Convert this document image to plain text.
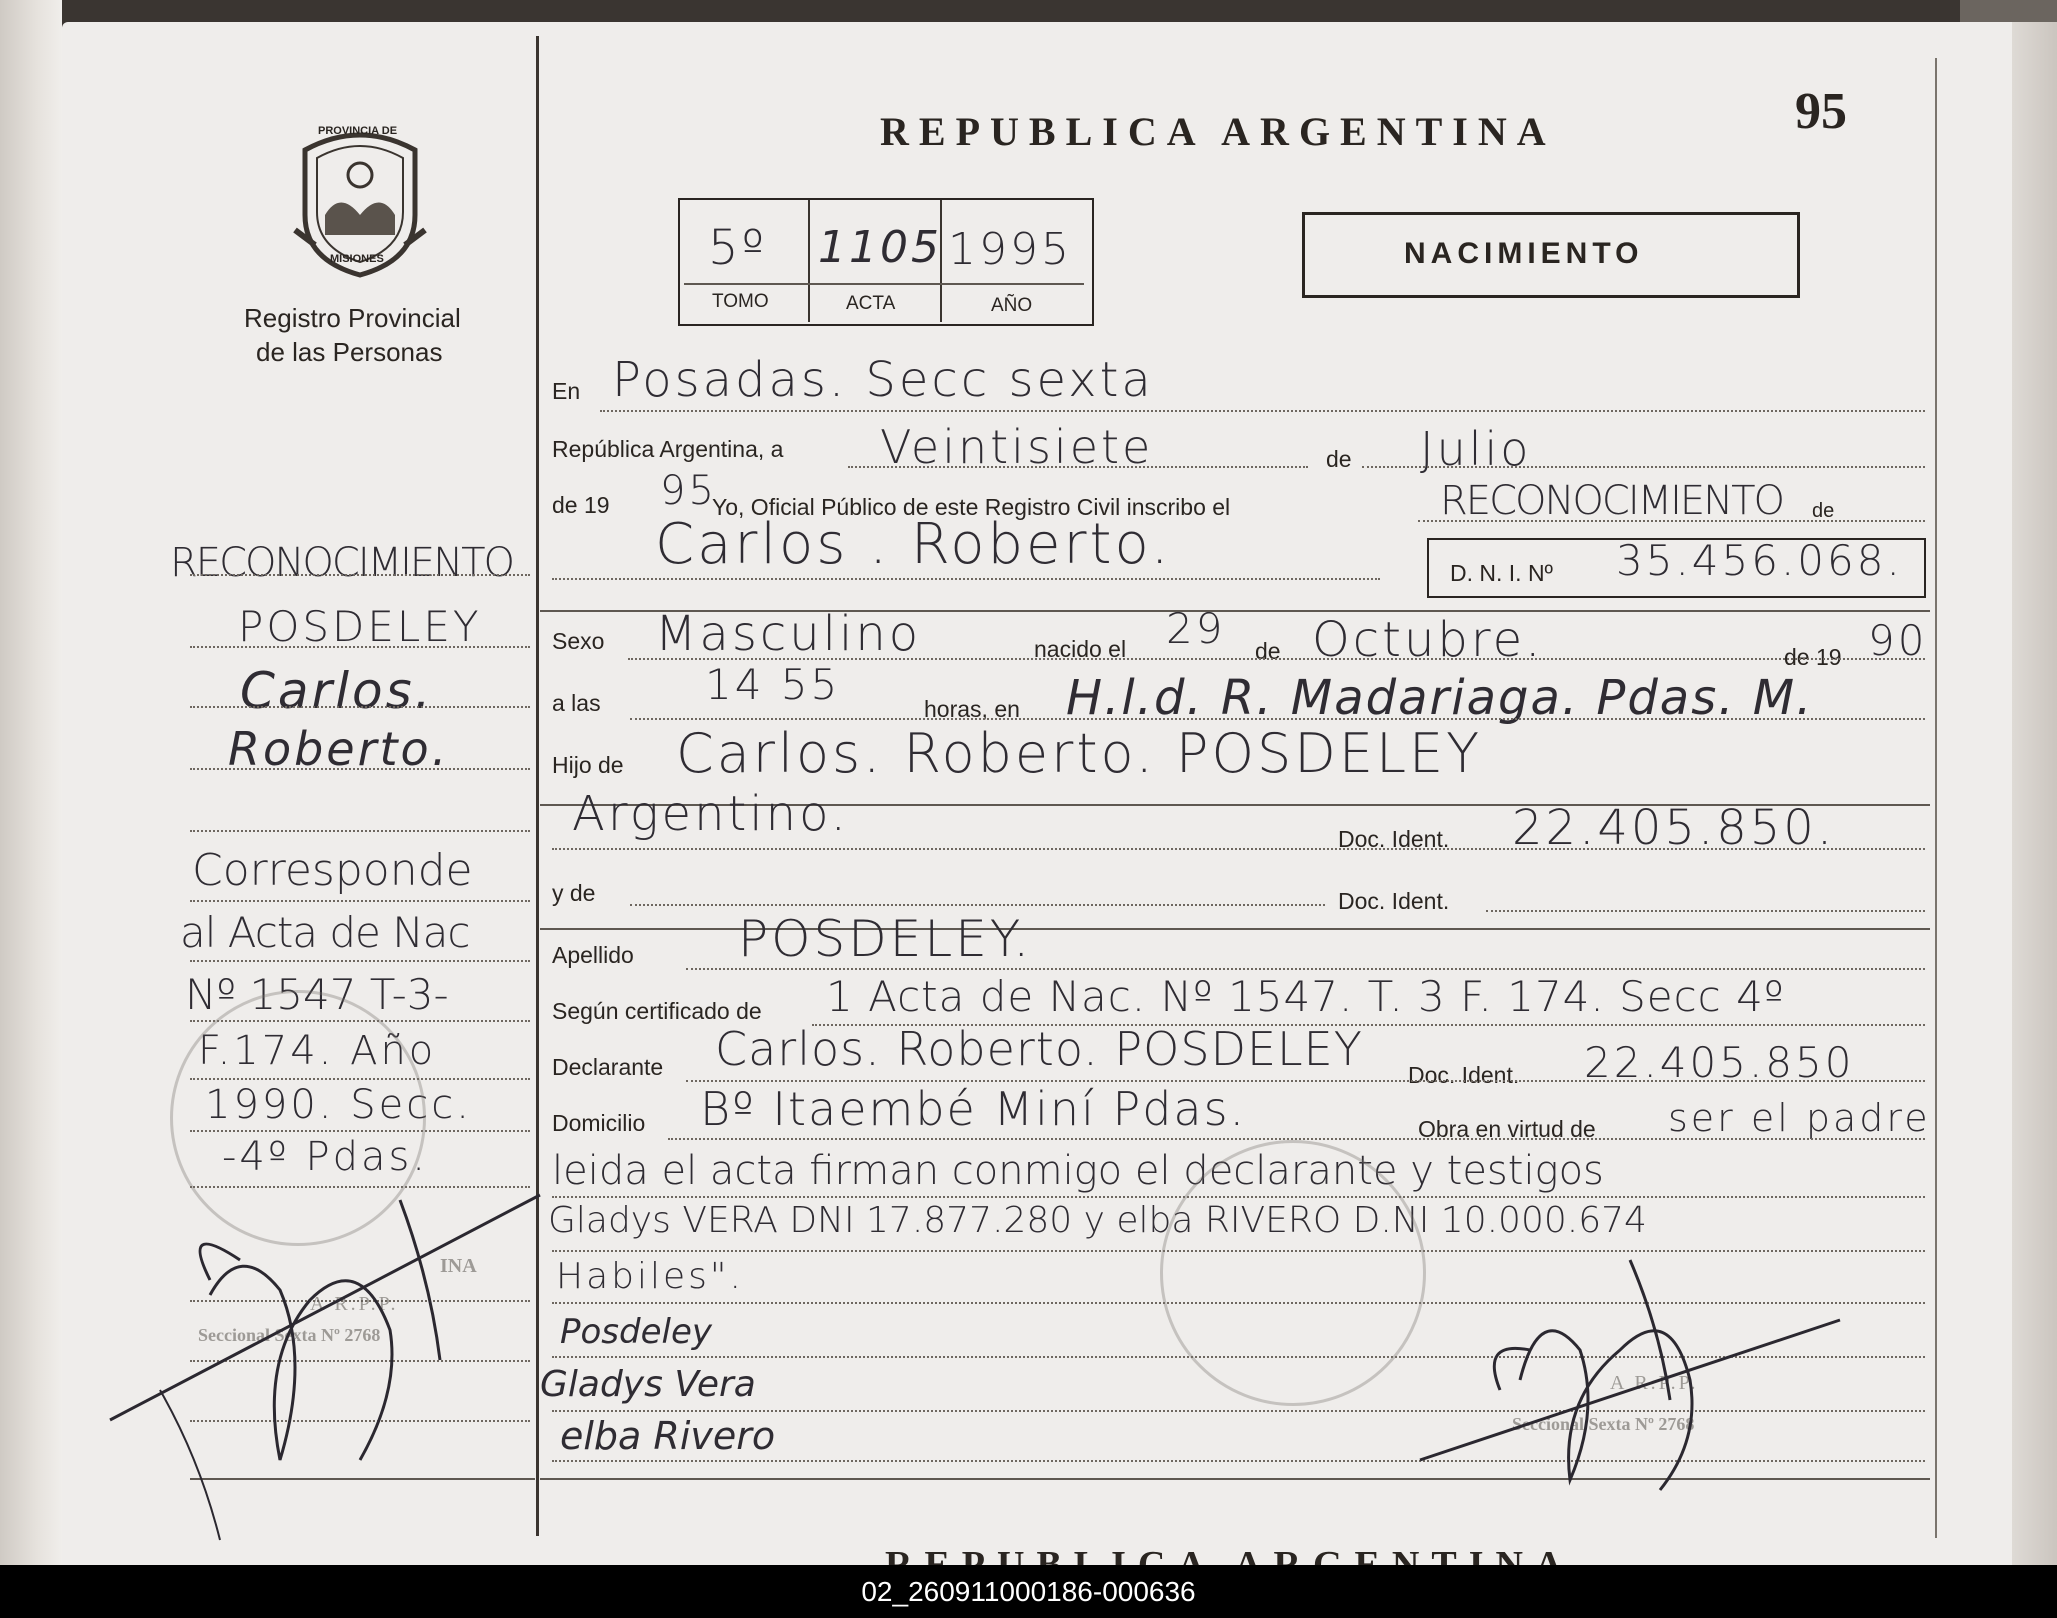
REPUBLICA ARGENTINA	95
PROVINCIA DE
MISIONES
Registro Provincial
de las Personas
5º 1105 1995
TOMO	ACTA	AÑO
NACIMIENTO
RECONOCIMIENTO
POSDELEY
Carlos.
Roberto.
Corresponde
al Acta de Nac
Nº 1547 T-3-
F.174. Año
1990. Secc.
-4º Pdas.
INA
A R.P.P.
Seccional Sexta Nº 2768
En Posadas. Secc sexta
República Argentina, a Veintisiete	de Julio
de 19 95
Yo, Oficial Público de este Registro Civil inscribo el	RECONOCIMIENTO de
Carlos . Roberto.	D. N. I. Nº 35.456.068.
Sexo Masculino	nacido el 29 de Octubre.	de 19 90
a las 14 55	horas, en H.l.d. R. Madariaga. Pdas. M.
Hijo de Carlos. Roberto. POSDELEY
Argentino.	Doc. Ident. 22.405.850.
y de	Doc. Ident.
Apellido POSDELEY.
Según certificado de 1 Acta de Nac. Nº 1547. T. 3 F. 174. Secc 4º
Declarante Carlos. Roberto. POSDELEY Doc. Ident. 22.405.850
Domicilio Bº Itaembé Miní Pdas.	Obra en virtud de ser el padre
leida el acta firman conmigo el declarante y testigos
Gladys VERA DNI 17.877.280 y elba RIVERO D.NI 10.000.674
Habiles".
Posdeley
Gladys Vera
elba Rivero
A R.P.P.
Seccional Sexta Nº 2768
02_260911000186-000636
